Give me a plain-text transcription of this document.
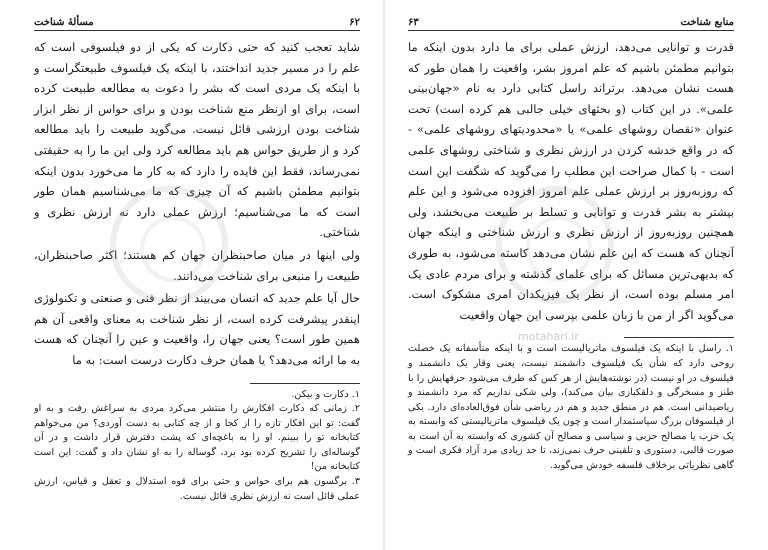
۶۲
مسألهٔ شناخت

شاید تعجب کنید که حتی دکارت که یکی از دو فیلسوفی است که علم را در مسیر جدید انداختند، با اینکه یک فیلسوف طبیعتگراست و با اینکه یک مردی است که بشر را دعوت به مطالعه طبیعت کرده است، برای او ازنظر منع شناخت بودن و برای حواس از نظر ابزار شناخت بودن ارزشی قائل نیست. می‌گوید طبیعت را باید مطالعه کرد و از طریق حواس هم باید مطالعه کرد ولی این ما را به حقیقتی نمی‌رساند، فقط این فایده را دارد که به کار ما می‌خورد بدون اینکه بتوانیم مطمئن باشیم که آن چیزی که ما می‌شناسیم همان طور است که ما می‌شناسیم؛ ارزش عملی دارد نه ارزش نظری و شناختی.

ولی اینها در میان صاحبنظران جهان کم هستند؛ اکثر صاحبنظران، طبیعت را منبعی برای شناخت می‌دانند.

حال آیا علم جدید که انسان می‌بیند از نظر فنی و صنعتی و تکنولوژی اینقدر پیشرفت کرده است، از نظر شناخت به معنای واقعی آن هم همین طور است؟ یعنی جهان را، واقعیت و عین را آنچنان که هست به ما ارائه می‌دهد؟ یا همان حرف دکارت درست است: به ما

۱. دکارت و بیکن.

۲. زمانی که دکارت افکارش را منتشر می‌کرد مردی به سراغش رفت و به او گفت: تو این افکار تازه را از کجا و از چه کتابی به دست آوردی؟ من می‌خواهم کتابخانه تو را ببینم. او را به باغچه‌ای که پشت دفترش قرار داشت و در آن گوساله‌ای را تشریح کرده بود برد، گوساله را به او نشان داد و گفت: این است کتابخانه من!

۳. برگسون هم برای حواس و حتی برای قوه استدلال و تعقل و قیاس، ارزش عملی قائل است نه ارزش نظری قائل نیست.

منابع شناخت
۶۳

قدرت و توانایی می‌دهد، ارزش عملی برای ما دارد بدون اینکه ما بتوانیم مطمئن باشیم که علم امروز بشر، واقعیت را همان طور که هست نشان می‌دهد. برتراند راسل کتابی دارد به نام «جهان‌بینی علمی». در این کتاب (و بحثهای خیلی جالبی هم کرده است) تحت عنوان «نقصان روشهای علمی» یا «محدودیتهای روشهای علمی» - که در واقع خدشه کردن در ارزش نظری و شناختی روشهای علمی است - با کمال صراحت این مطلب را می‌گوید که شگفت این است که روزبه‌روز بر ارزش عملی علم امروز افزوده می‌شود و این علم بیشتر به بشر قدرت و توانایی و تسلط بر طبیعت می‌بخشد، ولی همچنین روزبه‌روز از ارزش نظری و ارزش شناختی و اینکه جهان آنچنان که هست که این علم نشان می‌دهد کاسته می‌شود، به طوری که بدیهی‌ترین مسائل که برای علمای گذشته و برای مردم عادی یک امر مسلم بوده است، از نظر یک فیزیکدان امری مشکوک است. می‌گوید اگر از من با زبان علمی بپرسی این جهان واقعیت

۱. راسل با اینکه یک فیلسوف ماتریالیست است و با اینکه متأسفانه یک خصلت روحی دارد که شأن یک فیلسوف دانشمند نیست، یعنی وقار یک دانشمند و فیلسوف در او نیست (در نوشته‌هایش از هر کس که طرف می‌شود حرفهایش را با طنز و مسخرگی و دلقکبازی بیان می‌کند)، ولی شکی نداریم که مرد دانشمند و ریاضیدانی است. هم در منطق جدید و هم در ریاضی شأن فوق‌العاده‌ای دارد. یکی از فیلسوفان بزرگ سیاستمدار است و چون یک فیلسوف ماتریالیستی که وابسته به یک حزب یا مصالح حزبی و سیاسی و مصالح آن کشوری که وابسته به آن است به صورت قالبی، دستوری و تلقینی حرف نمی‌زند، تا حد زیادی مرد آزاد فکری است و گاهی نظریاتی برخلاف فلسفه خودش می‌گوید.

motahari.ir
